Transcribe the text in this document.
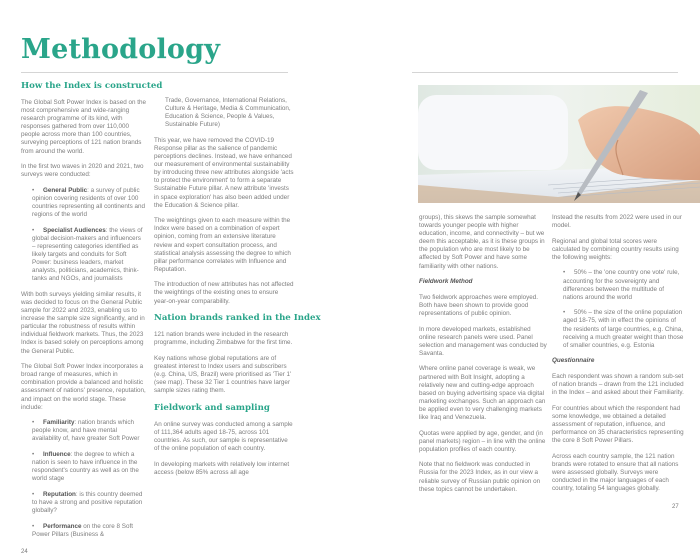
Methodology
How the Index is constructed

The Global Soft Power Index is based on the most comprehensive and wide-ranging research programme of its kind, with responses gathered from over 110,000 people across more than 100 countries, surveying perceptions of 121 nation brands from around the world.

In the first two waves in 2020 and 2021, two surveys were conducted:

• General Public: a survey of public opinion covering residents of over 100 countries representing all continents and regions of the world
• Specialist Audiences: the views of global decision-makers and influencers – representing categories identified as likely targets and conduits for Soft Power: business leaders, market analysts, politicians, academics, think-tanks and NGOs, and journalists

With both surveys yielding similar results, it was decided to focus on the General Public sample for 2022 and 2023, enabling us to increase the sample size significantly, and in particular the robustness of results within individual fieldwork markets. Thus, the 2023 Index is based solely on perceptions among the General Public.

The Global Soft Power Index incorporates a broad range of measures, which in combination provide a balanced and holistic assessment of nations' presence, reputation, and impact on the world stage. These include:

• Familiarity: nation brands which people know, and have mental availability of, have greater Soft Power
• Influence: the degree to which a nation is seen to have influence in the respondent's country as well as on the world stage
• Reputation: is this country deemed to have a strong and positive reputation globally?
• Performance on the core 8 Soft Power Pillars (Business &

Trade, Governance, International Relations, Culture & Heritage, Media & Communication, Education & Science, People & Values, Sustainable Future)

This year, we have removed the COVID-19 Response pillar as the salience of pandemic perceptions declines. Instead, we have enhanced our measurement of environmental sustainability by introducing three new attributes alongside 'acts to protect the environment' to form a separate Sustainable Future pillar. A new attribute 'invests in space exploration' has also been added under the Education & Science pillar.

The weightings given to each measure within the Index were based on a combination of expert opinion, coming from an extensive literature review and expert consultation process, and statistical analysis assessing the degree to which pillar performance correlates with Influence and Reputation.

The introduction of new attributes has not affected the weightings of the existing ones to ensure year-on-year comparability.

Nation brands ranked in the Index

121 nation brands were included in the research programme, including Zimbabwe for the first time.

Key nations whose global reputations are of greatest interest to Index users and subscribers (e.g. China, US, Brazil) were prioritised as 'Tier 1' (see map). These 32 Tier 1 countries have larger sample sizes rating them.

Fieldwork and sampling

An online survey was conducted among a sample of 111,364 adults aged 18-75, across 101 countries. As such, our sample is representative of the online population of each country.

In developing markets with relatively low internet access (below 85% across all age

24

groups), this skews the sample somewhat towards younger people with higher education, income, and connectivity – but we deem this acceptable, as it is these groups in the population who are most likely to be affected by Soft Power and have some familiarity with other nations.

Fieldwork Method

Two fieldwork approaches were employed. Both have been shown to provide good representations of public opinion.

In more developed markets, established online research panels were used. Panel selection and management was conducted by Savanta.

Where online panel coverage is weak, we partnered with Bolt Insight, adopting a relatively new and cutting-edge approach based on buying advertising space via digital marketing exchanges. Such an approach can be applied even to very challenging markets like Iraq and Venezuela.

Quotas were applied by age, gender, and (in panel markets) region – in line with the online population profiles of each country.

Note that no fieldwork was conducted in Russia for the 2023 Index, as in our view a reliable survey of Russian public opinion on these topics cannot be undertaken.

Instead the results from 2022 were used in our model.

Regional and global total scores were calculated by combining country results using the following weights:

• 50% – the 'one country one vote' rule, accounting for the sovereignty and differences between the multitude of nations around the world
• 50% – the size of the online population aged 18-75, with in effect the opinions of the residents of large countries, e.g. China, receiving a much greater weight than those of smaller countries, e.g. Estonia

Questionnaire

Each respondent was shown a random sub-set of nation brands – drawn from the 121 included in the Index – and asked about their Familiarity.

For countries about which the respondent had some knowledge, we obtained a detailed assessment of reputation, influence, and performance on 35 characteristics representing the core 8 Soft Power Pillars.

Across each country sample, the 121 nation brands were rotated to ensure that all nations were assessed globally. Surveys were conducted in the major languages of each country, totaling 54 languages globally.

27
